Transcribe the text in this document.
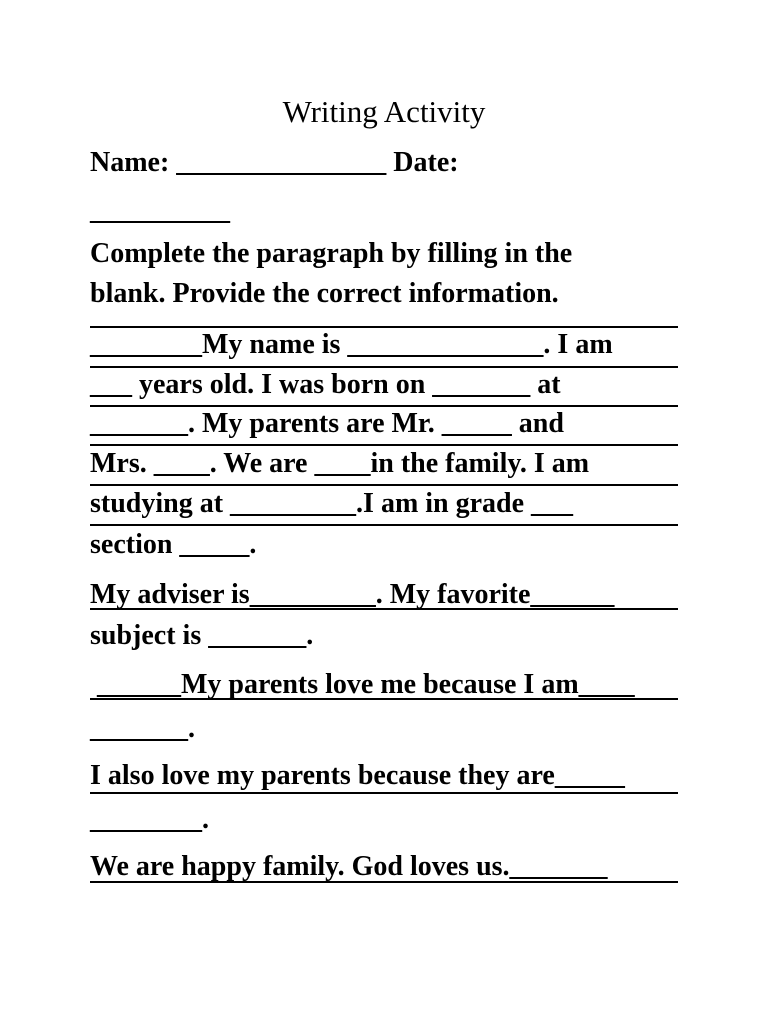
Writing Activity
Name: _______________ Date:
__________
Complete the paragraph by filling in the
blank. Provide the correct information.
________My name is ______________. I am
___ years old. I was born on _______ at
_______. My parents are Mr. _____ and
Mrs. ____. We are ____in the family. I am
studying at _________.I am in grade ___
section _____.
My adviser is_________. My favorite______
subject is _______.
______My parents love me because I am____
_______.
I also love my parents because they are_____
________.
We are happy family. God loves us._______
